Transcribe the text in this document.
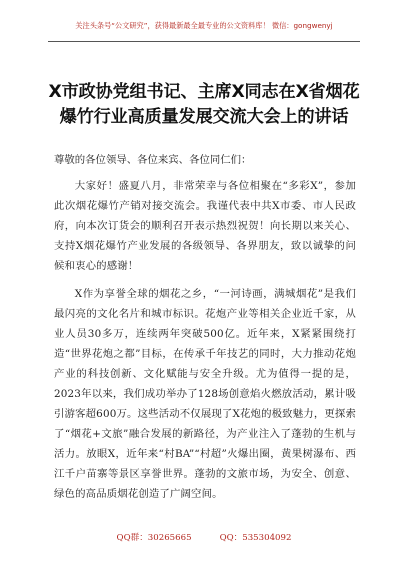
关注头条号“公文研究”，获得最新最全最专业的公文资料库！ 微信：gongwenyj
X市政协党组书记、主席X同志在X省烟花
爆竹行业高质量发展交流大会上的讲话
尊敬的各位领导、各位来宾、各位同仁们：

大家好！盛夏八月，非常荣幸与各位相聚在“多彩X”，参加此次烟花爆竹产销对接交流会。我谨代表中共X市委、市人民政府，向本次订货会的顺利召开表示热烈祝贺！向长期以来关心、支持X烟花爆竹产业发展的各级领导、各界朋友，致以诚挚的问候和衷心的感谢！

X作为享誉全球的烟花之乡，“一河诗画，满城烟花”是我们最闪亮的文化名片和城市标识。花炮产业等相关企业近千家，从业人员30多万，连续两年突破500亿。近年来，X紧紧围绕打造“世界花炮之都”目标，在传承千年技艺的同时，大力推动花炮产业的科技创新、文化赋能与安全升级。尤为值得一提的是，2023年以来，我们成功举办了128场创意焰火燃放活动，累计吸引游客超600万。这些活动不仅展现了X花炮的极致魅力，更探索了“烟花+文旅”融合发展的新路径，为产业注入了蓬勃的生机与活力。放眼X，近年来“村BA”“村超”火爆出圈，黄果树瀑布、西江千户苗寨等景区享誉世界。蓬勃的文旅市场，为安全、创意、绿色的高品质烟花创造了广阔空间。

QQ群：30265665	QQ：535304092
